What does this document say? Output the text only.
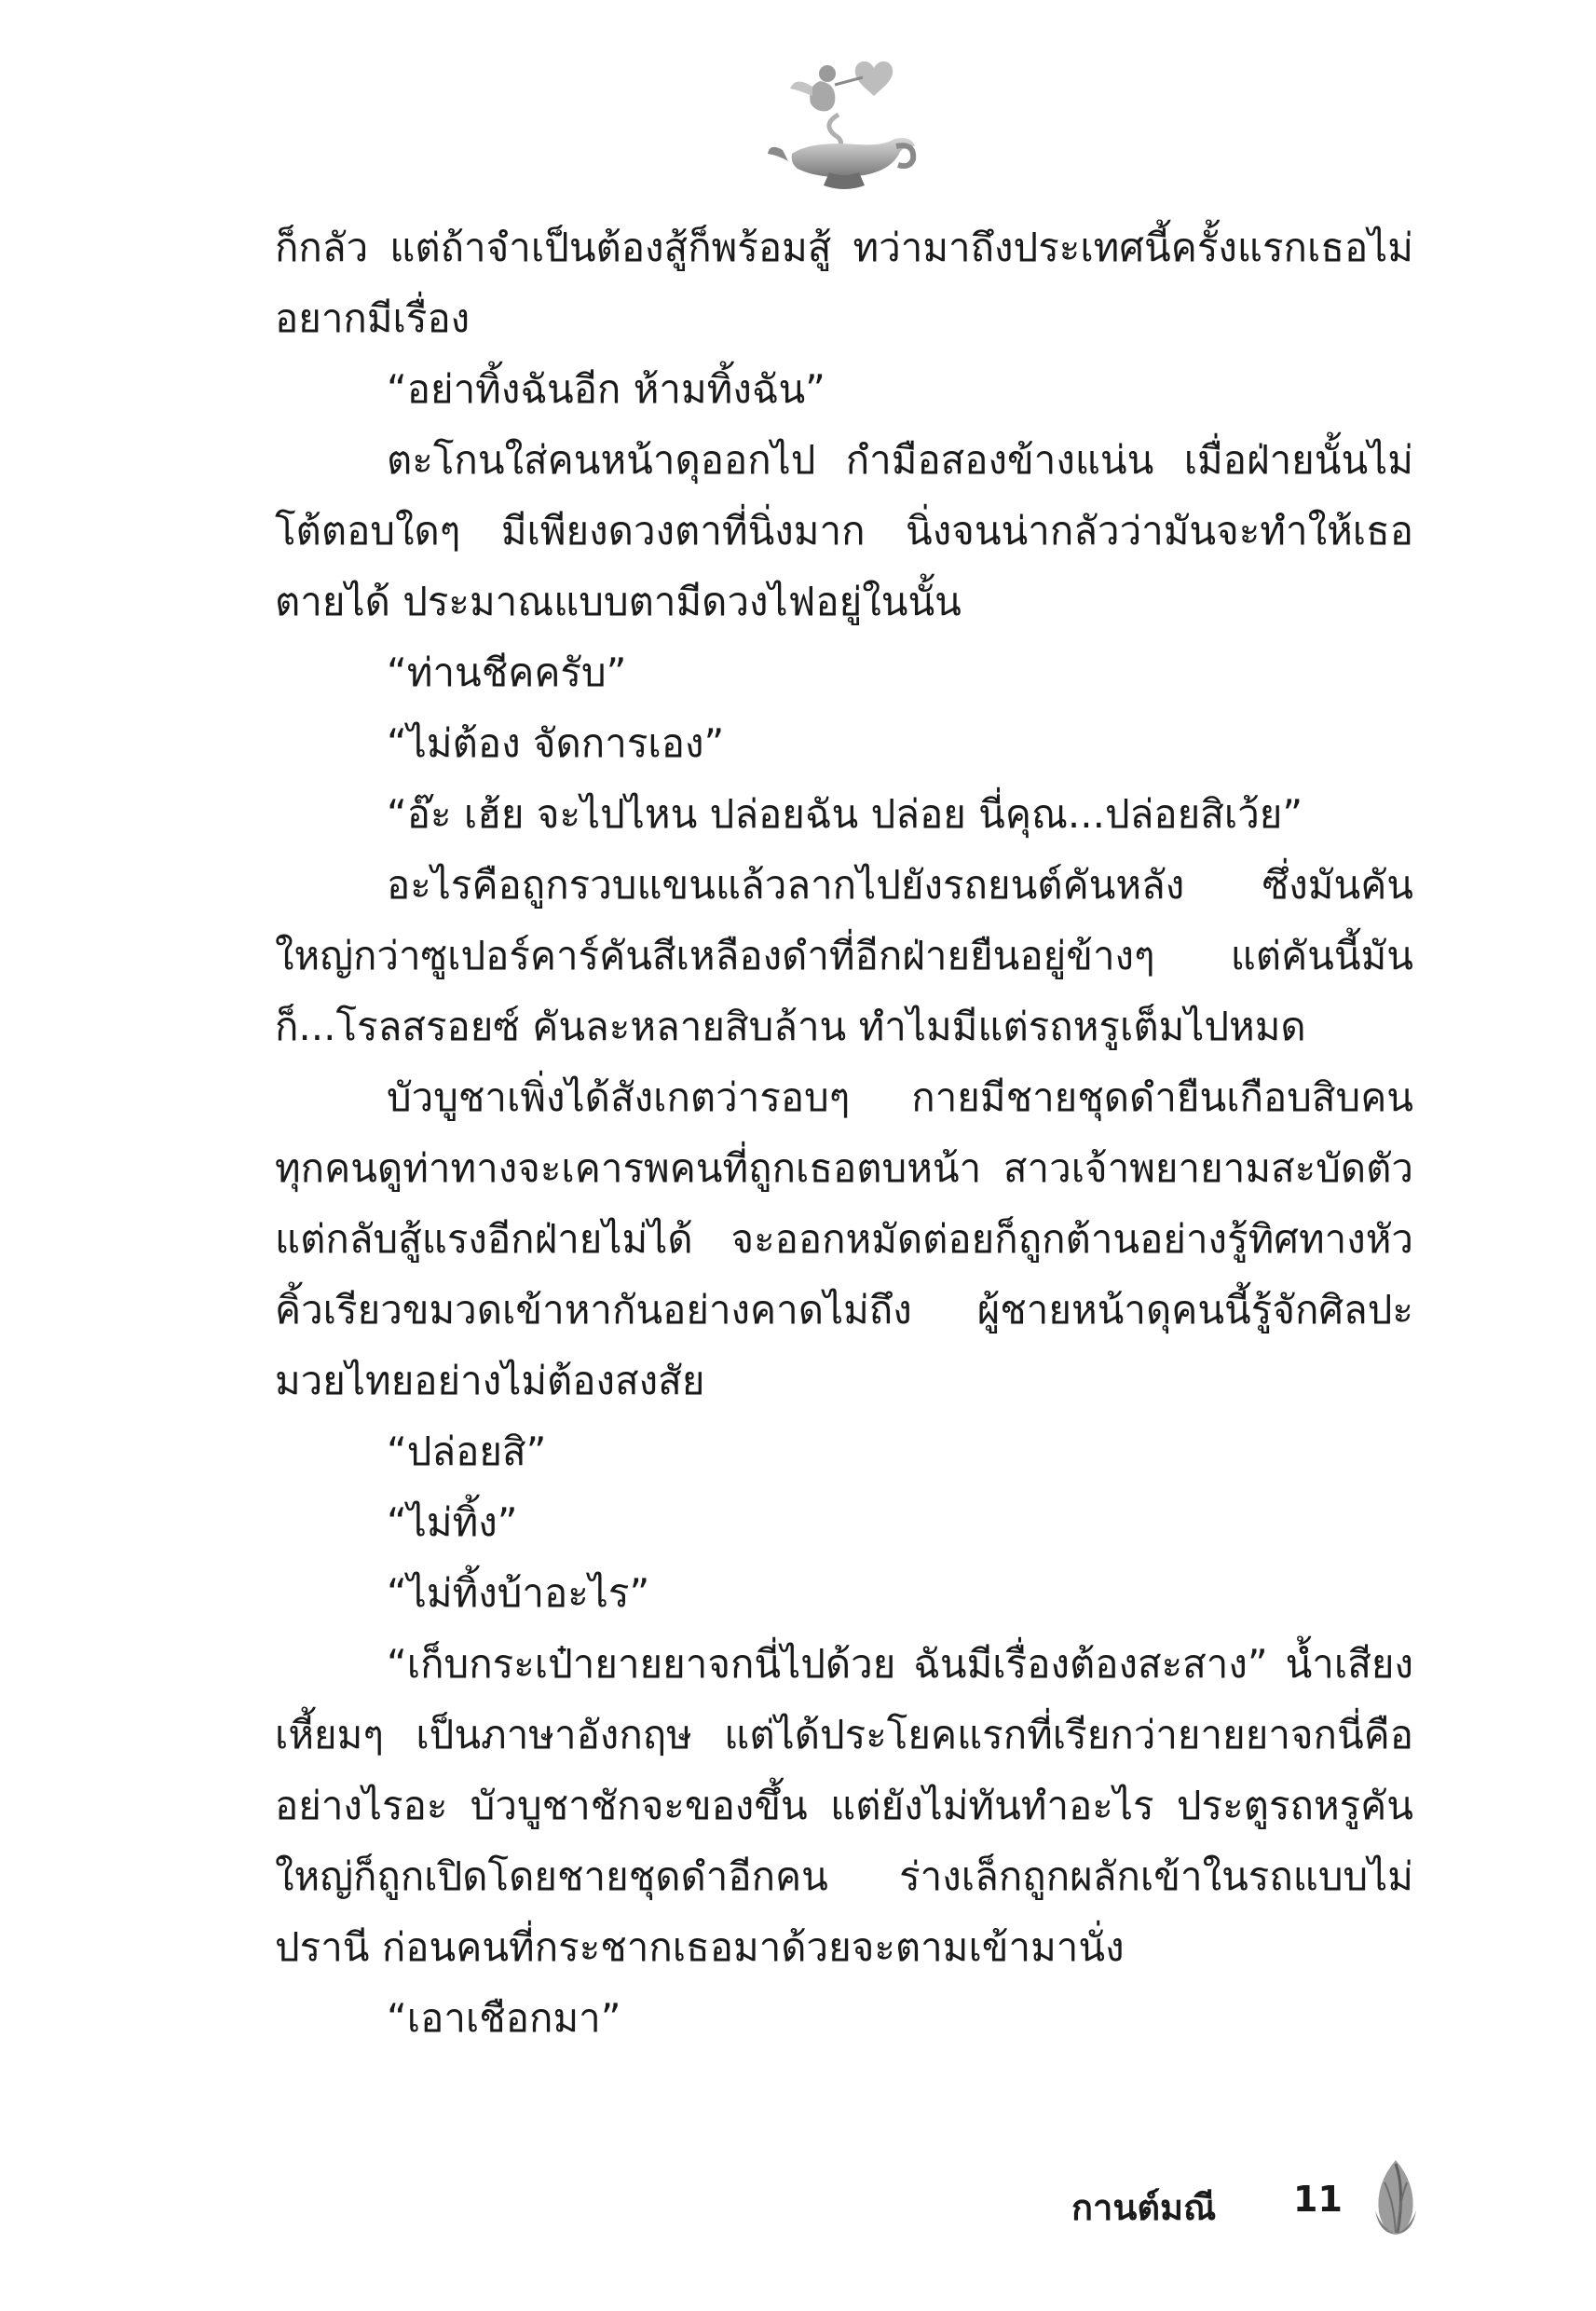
ก็กลัว แต่ถ้าจำเป็นต้องสู้ก็พร้อมสู้ ทว่ามาถึงประเทศนี้ครั้งแรกเธอไม่อยากมีเรื่อง

“อย่าทิ้งฉันอีก ห้ามทิ้งฉัน”

ตะโกนใส่คนหน้าดุออกไป กำมือสองข้างแน่น เมื่อฝ่ายนั้นไม่โต้ตอบใดๆ มีเพียงดวงตาที่นิ่งมาก นิ่งจนน่ากลัวว่ามันจะทำให้เธอตายได้ ประมาณแบบตามีดวงไฟอยู่ในนั้น

“ท่านชีคครับ”

“ไม่ต้อง จัดการเอง”

“อ๊ะ เฮ้ย จะไปไหน ปล่อยฉัน ปล่อย นี่คุณ...ปล่อยสิเว้ย”

อะไรคือถูกรวบแขนแล้วลากไปยังรถยนต์คันหลัง ซึ่งมันคันใหญ่กว่าซูเปอร์คาร์คันสีเหลืองดำที่อีกฝ่ายยืนอยู่ข้างๆ แต่คันนี้มันก็...โรลสรอยซ์ คันละหลายสิบล้าน ทำไมมีแต่รถหรูเต็มไปหมด

บัวบูชาเพิ่งได้สังเกตว่ารอบๆ กายมีชายชุดดำยืนเกือบสิบคนทุกคนดูท่าทางจะเคารพคนที่ถูกเธอตบหน้า สาวเจ้าพยายามสะบัดตัวแต่กลับสู้แรงอีกฝ่ายไม่ได้ จะออกหมัดต่อยก็ถูกต้านอย่างรู้ทิศทางหัวคิ้วเรียวขมวดเข้าหากันอย่างคาดไม่ถึง ผู้ชายหน้าดุคนนี้รู้จักศิลปะมวยไทยอย่างไม่ต้องสงสัย

“ปล่อยสิ”

“ไม่ทิ้ง”

“ไม่ทิ้งบ้าอะไร”

“เก็บกระเป๋ายายยาจกนี่ไปด้วย ฉันมีเรื่องต้องสะสาง” น้ำเสียงเหี้ยมๆ เป็นภาษาอังกฤษ แต่ได้ประโยคแรกที่เรียกว่ายายยาจกนี่คืออย่างไรอะ บัวบูชาชักจะของขึ้น แต่ยังไม่ทันทำอะไร ประตูรถหรูคันใหญ่ก็ถูกเปิดโดยชายชุดดำอีกคน ร่างเล็กถูกผลักเข้าในรถแบบไม่ปรานี ก่อนคนที่กระชากเธอมาด้วยจะตามเข้ามานั่ง

“เอาเชือกมา”

กานต์มณี 11
